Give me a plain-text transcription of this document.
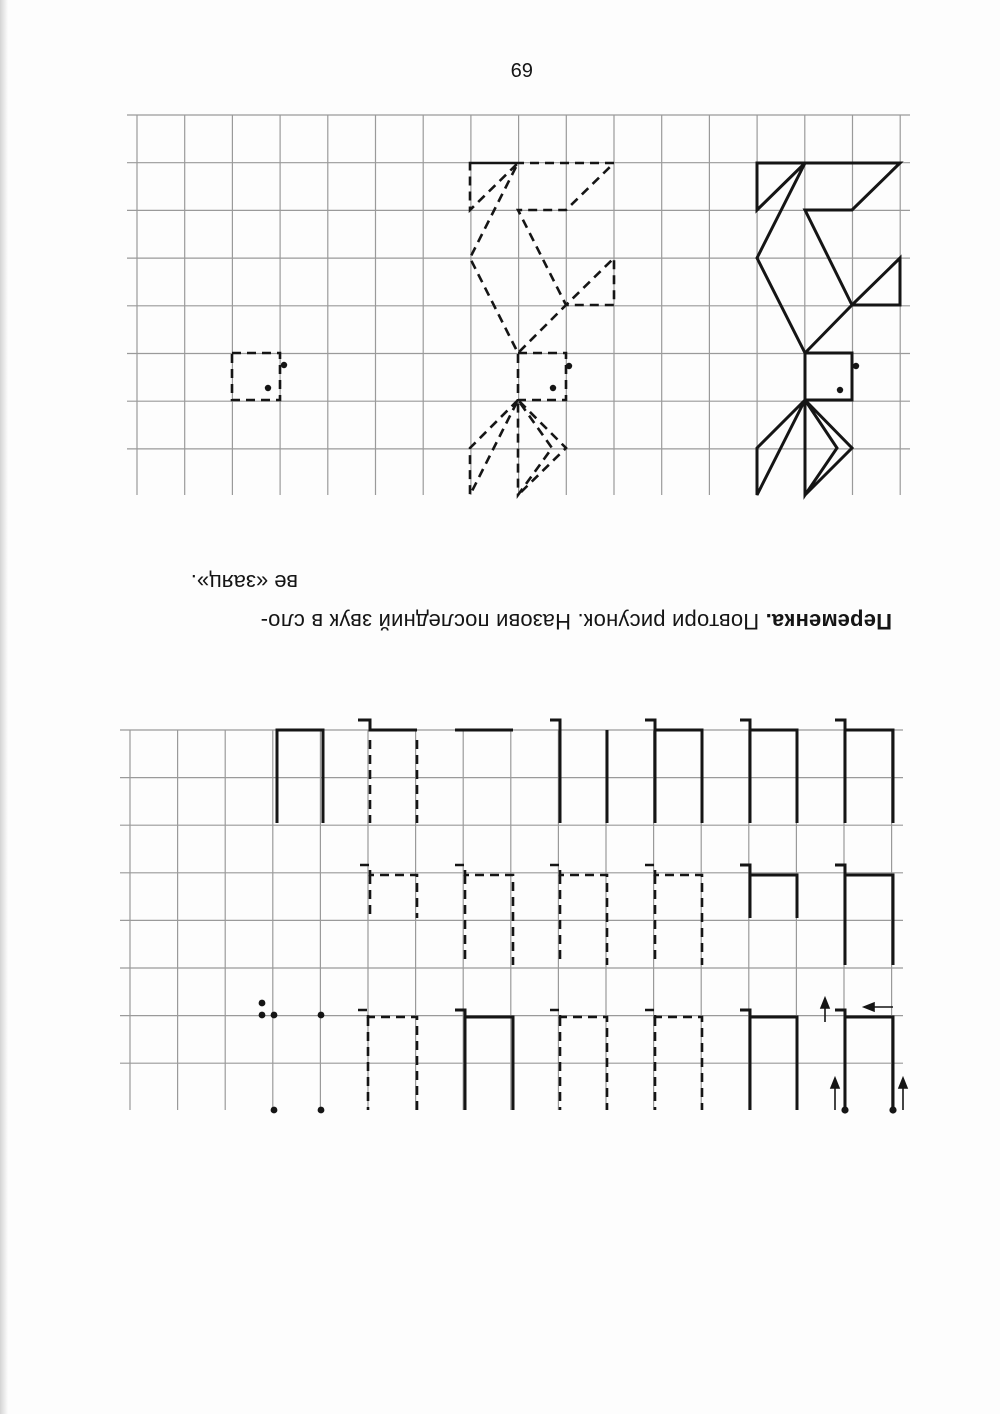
69
Переменка. Повтори рисунок. Назови последний звук в сло-
ве «заяц».
